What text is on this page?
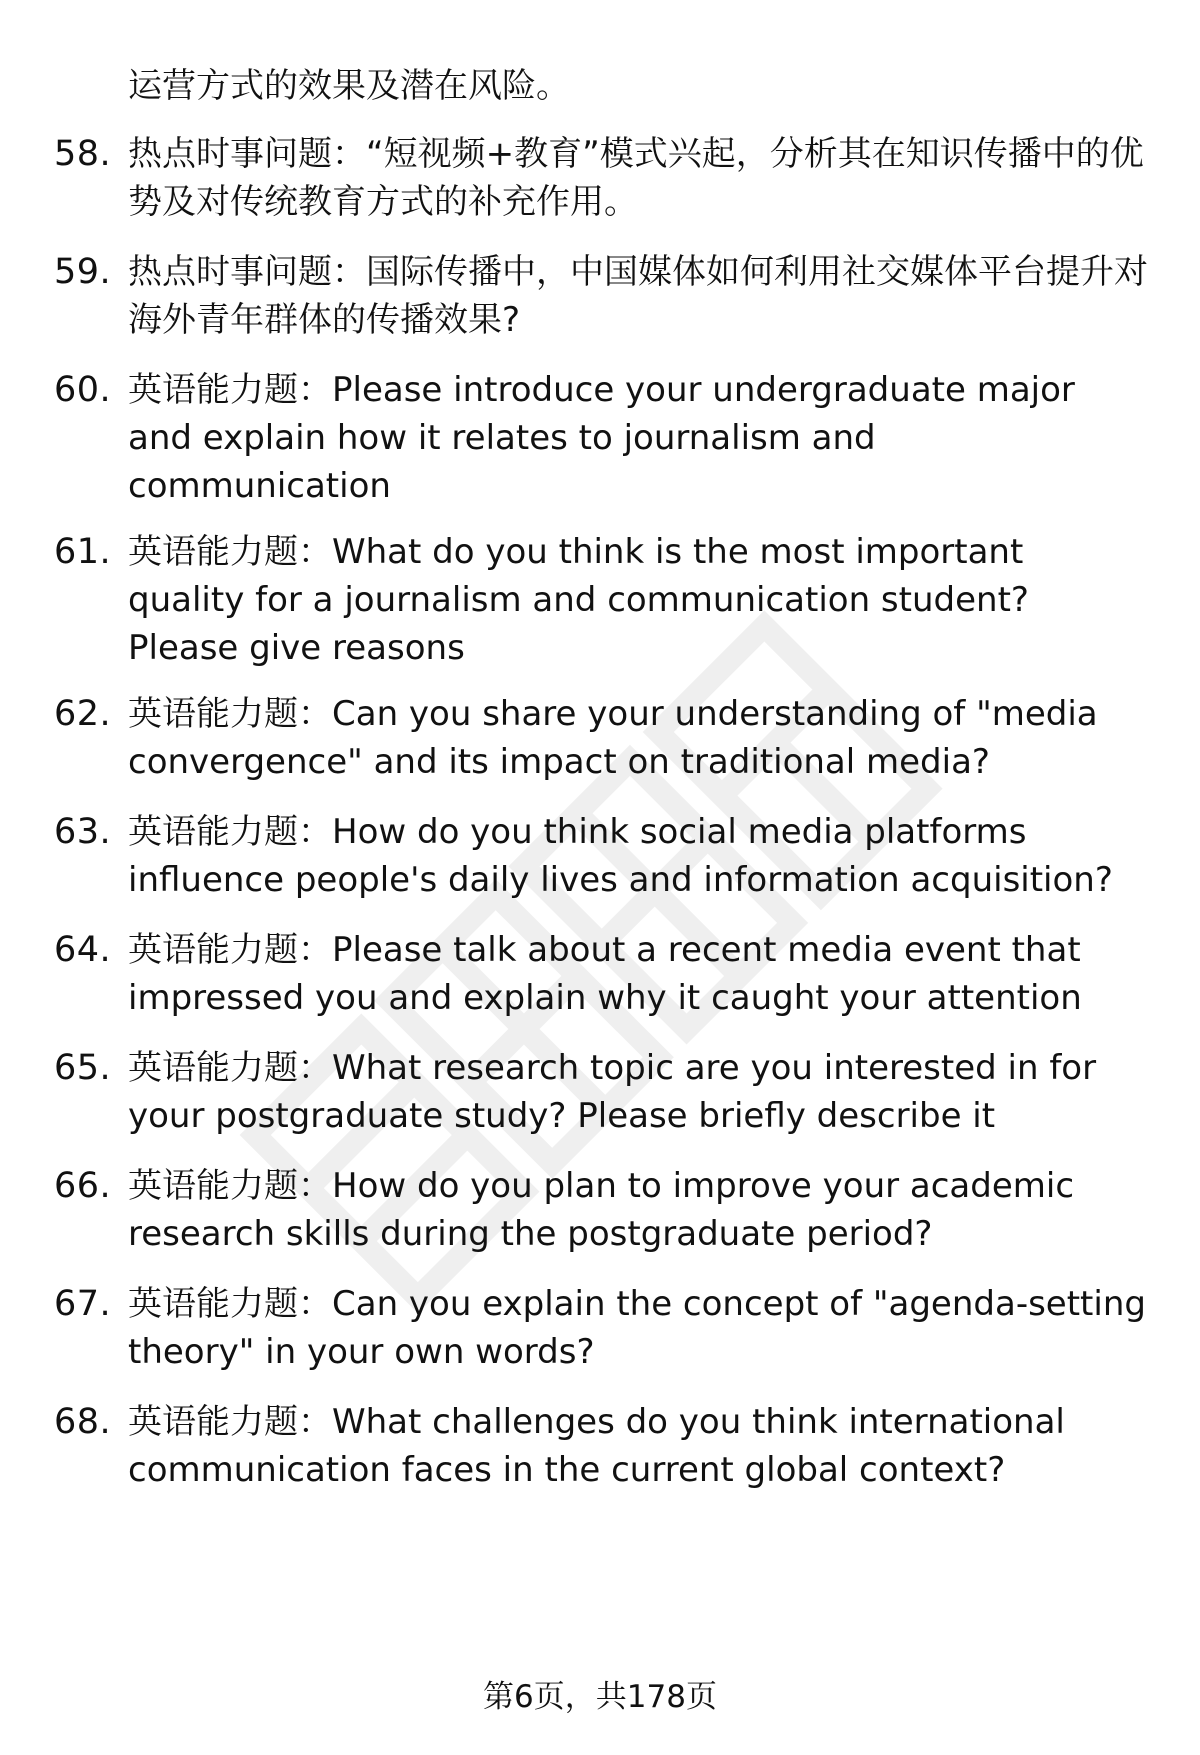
运营方式的效果及潜在风险。
58. 热点时事问题：“短视频+教育”模式兴起，分析其在知识传播中的优势及对传统教育方式的补充作用。
59. 热点时事问题：国际传播中，中国媒体如何利用社交媒体平台提升对海外青年群体的传播效果?
60. 英语能力题：Please introduce your undergraduate major and explain how it relates to journalism and communication
61. 英语能力题：What do you think is the most important quality for a journalism and communication student? Please give reasons
62. 英语能力题：Can you share your understanding of "media convergence" and its impact on traditional media?
63. 英语能力题：How do you think social media platforms influence people's daily lives and information acquisition?
64. 英语能力题：Please talk about a recent media event that impressed you and explain why it caught your attention
65. 英语能力题：What research topic are you interested in for your postgraduate study? Please briefly describe it
66. 英语能力题：How do you plan to improve your academic research skills during the postgraduate period?
67. 英语能力题：Can you explain the concept of "agenda-setting theory" in your own words?
68. 英语能力题：What challenges do you think international communication faces in the current global context?
第6页，共178页
